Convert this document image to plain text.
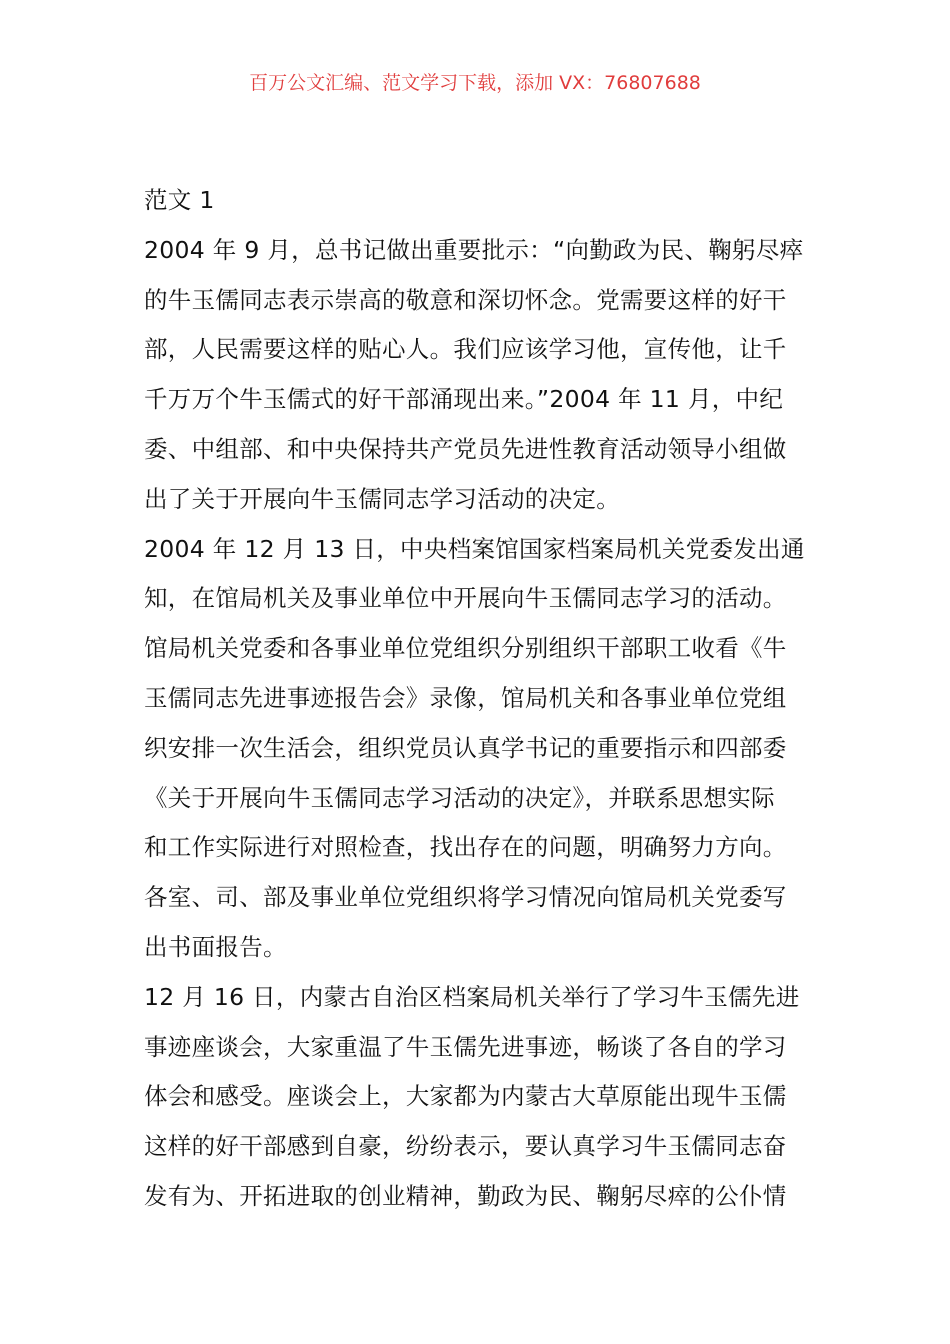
百万公文汇编、范文学习下载，添加 VX：76807688
范文 1
2004 年 9 月，总书记做出重要批示：“向勤政为民、鞠躬尽瘁
的牛玉儒同志表示崇高的敬意和深切怀念。党需要这样的好干
部，人民需要这样的贴心人。我们应该学习他，宣传他，让千
千万万个牛玉儒式的好干部涌现出来。”2004 年 11 月，中纪
委、中组部、和中央保持共产党员先进性教育活动领导小组做
出了关于开展向牛玉儒同志学习活动的决定。
2004 年 12 月 13 日，中央档案馆国家档案局机关党委发出通
知，在馆局机关及事业单位中开展向牛玉儒同志学习的活动。
馆局机关党委和各事业单位党组织分别组织干部职工收看《牛
玉儒同志先进事迹报告会》录像，馆局机关和各事业单位党组
织安排一次生活会，组织党员认真学书记的重要指示和四部委
《关于开展向牛玉儒同志学习活动的决定》，并联系思想实际
和工作实际进行对照检查，找出存在的问题，明确努力方向。
各室、司、部及事业单位党组织将学习情况向馆局机关党委写
出书面报告。
12 月 16 日，内蒙古自治区档案局机关举行了学习牛玉儒先进
事迹座谈会，大家重温了牛玉儒先进事迹，畅谈了各自的学习
体会和感受。座谈会上，大家都为内蒙古大草原能出现牛玉儒
这样的好干部感到自豪，纷纷表示，要认真学习牛玉儒同志奋
发有为、开拓进取的创业精神，勤政为民、鞠躬尽瘁的公仆情
